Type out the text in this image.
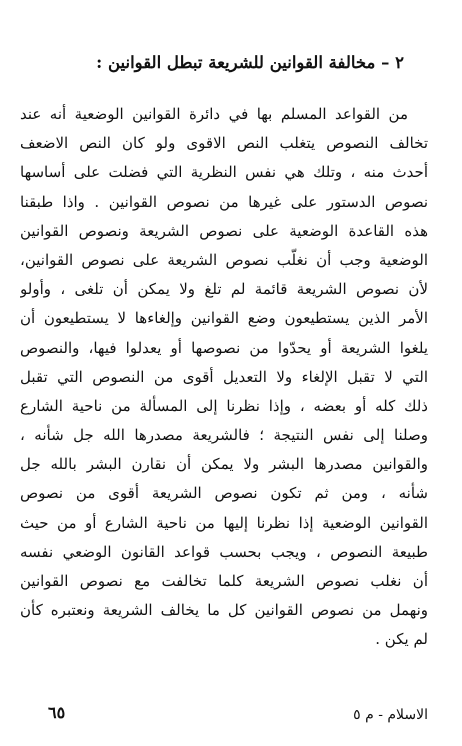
٢ – مخالفة القوانين للشريعة تبطل القوانين :
من القواعد المسلم بها في دائرة القوانين الوضعية أنه عند
تخالف النصوص يتغلب النص الاقوى ولو كان النص الاضعف
أحدث منه ، وتلك هي نفس النظرية التي فضلت على أساسها
نصوص الدستور على غيرها من نصوص القوانين . واذا طبقنا
هذه القاعدة الوضعية على نصوص الشريعة ونصوص القوانين
الوضعية وجب أن نغلّب نصوص الشريعة على نصوص القوانين،
لأن نصوص الشريعة قائمة لم تلغ ولا يمكن أن تلغى ، وأولو
الأمر الذين يستطيعون وضع القوانين وإلغاءها لا يستطيعون أن
يلغوا الشريعة أو يحدّوا من نصوصها أو يعدلوا فيها، والنصوص
التي لا تقبل الإلغاء ولا التعديل أقوى من النصوص التي تقبل
ذلك كله أو بعضه ، وإذا نظرنا إلى المسألة من ناحية الشارع
وصلنا إلى نفس النتيجة ؛ فالشريعة مصدرها الله جل شأنه ،
والقوانين مصدرها البشر ولا يمكن أن نقارن البشر بالله جل
شأنه ، ومن ثم تكون نصوص الشريعة أقوى من نصوص
القوانين الوضعية إذا نظرنا إليها من ناحية الشارع أو من حيث
طبيعة النصوص ، ويجب بحسب قواعد القانون الوضعي نفسه
أن نغلب نصوص الشريعة كلما تخالفت مع نصوص القوانين
ونهمل من نصوص القوانين كل ما يخالف الشريعة ونعتبره كأن
لم يكن .
الاسلام - م ٥
٦٥
